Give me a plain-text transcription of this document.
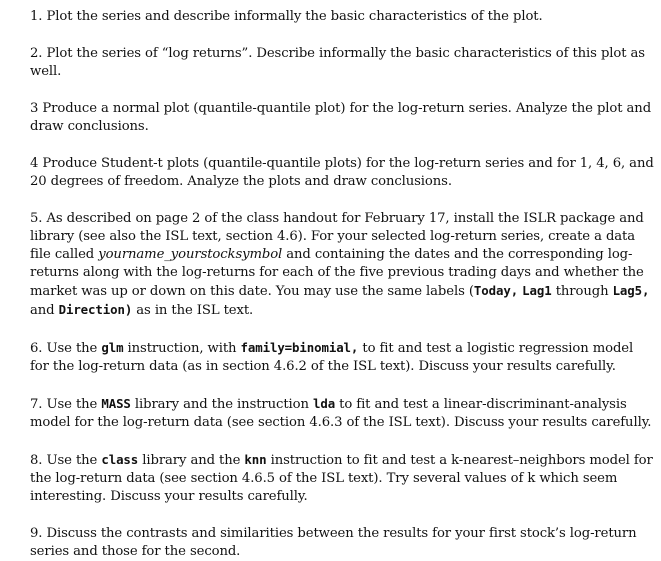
1. Plot the series and describe informally the basic characteristics of the plot.

2. Plot the series of “log returns”. Describe informally the basic characteristics of this plot as well.

3 Produce a normal plot (quantile-quantile plot) for the log-return series. Analyze the plot and draw conclusions.

4 Produce Student-t plots (quantile-quantile plots) for the log-return series and for 1, 4, 6, and 20 degrees of freedom. Analyze the plots and draw conclusions.

5. As described on page 2 of the class handout for February 17, install the ISLR package and library (see also the ISL text, section 4.6). For your selected log-return series, create a data file called yourname_yourstocksymbol and containing the dates and the corresponding log-returns along with the log-returns for each of the five previous trading days and whether the market was up or down on this date. You may use the same labels (Today, Lag1 through Lag5, and Direction) as in the ISL text.

6. Use the glm instruction, with family=binomial, to fit and test a logistic regression model for the log-return data (as in section 4.6.2 of the ISL text). Discuss your results carefully.

7. Use the MASS library and the instruction lda to fit and test a linear-discriminant-analysis model for the log-return data (see section 4.6.3 of the ISL text). Discuss your results carefully.

8. Use the class library and the knn instruction to fit and test a k-nearest–neighbors model for the log-return data (see section 4.6.5 of the ISL text). Try several values of k which seem interesting. Discuss your results carefully.

9. Discuss the contrasts and similarities between the results for your first stock’s log-return series and those for the second.
